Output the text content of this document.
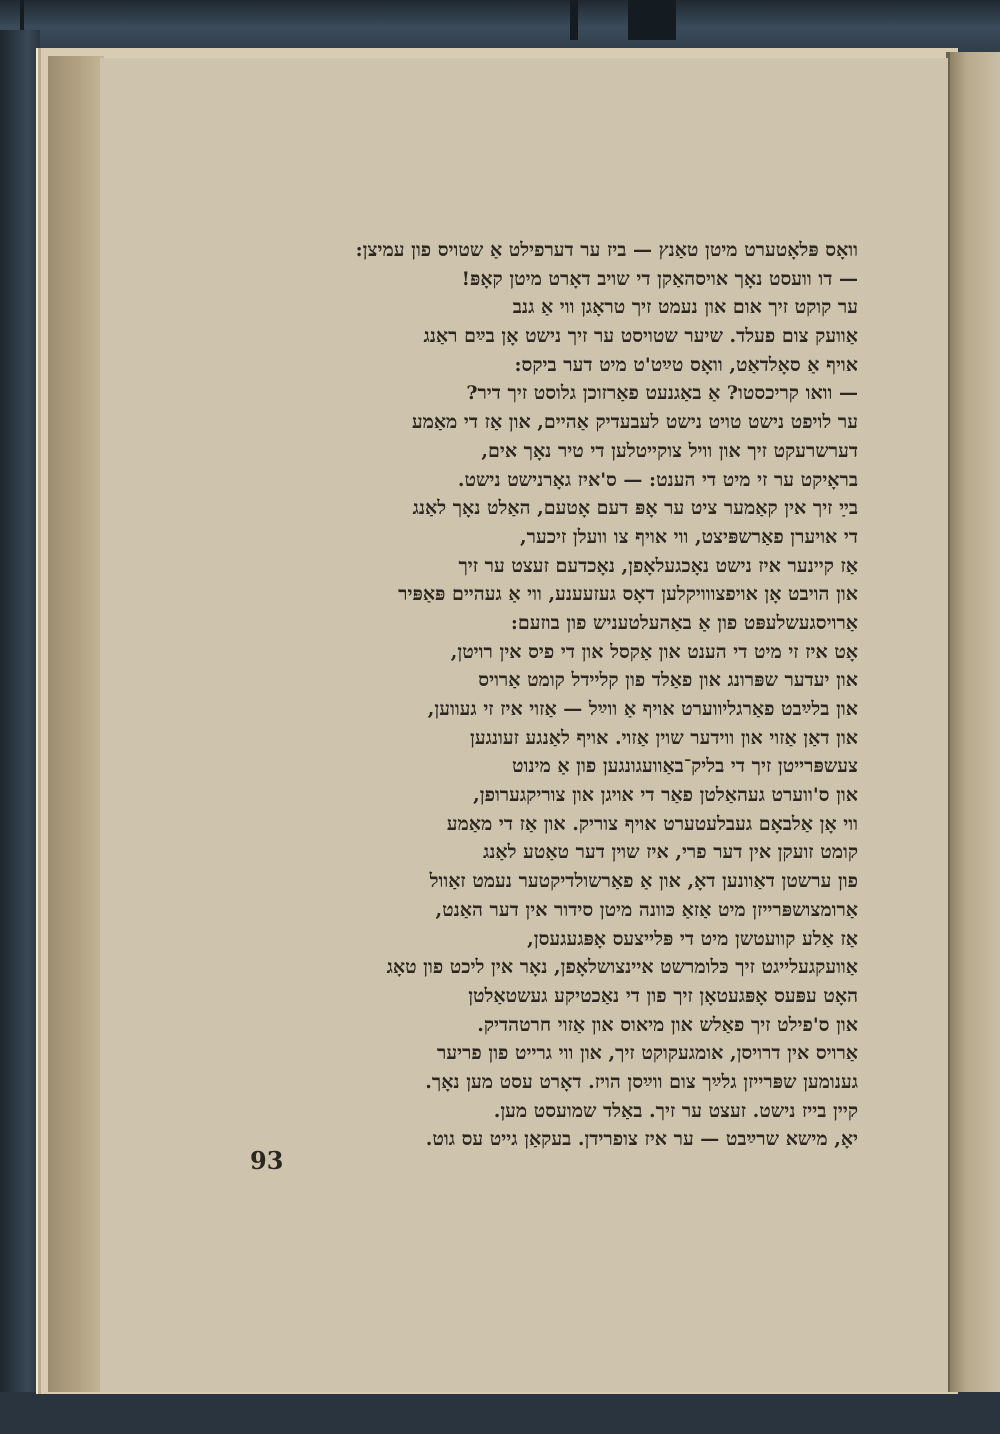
וואָס פּלאָטערט מיטן טאַנץ — ביז ער דערפילט אַ שטויס פון עמיצן:
— דו וועסט נאָך אויסהאַקן די שויב דאָרט מיטן קאָפּ!
ער קוקט זיך אום און נעמט זיך טראָגן ווי אַ גנב
אַוועק צום פעלד. שיער שטויסט ער זיך נישט אָן בײַם ראַנג
אויף אַ סאָלדאַט, וואָס טײַט'ט מיט דער ביקס:
— וואו קריכסטו? אַ באַגנעט פאַרזוכן גלוסט זיך דיר?
ער לויפט נישט טויט נישט לעבעדיק אַהיים, און אַז די מאַמע
דערשרעקט זיך און וויל צוקייטלען די טיר נאָך אים,
בראָיקט ער זי מיט די הענט: — ס'איז גאָרנישט נישט.
בײַ זיך אין קאַמער ציט ער אָפּ דעם אָטעם, האַלט נאָך לאַנג
די אויערן פאַרשפּיצט, ווי אויף צו וועלן זיכער,
אַז קיינער איז נישט נאָכגעלאָפן, נאָכדעם זעצט ער זיך
און הויבט אָן אויפצווויקלען דאָס געזעענע, ווי אַ געהיים פּאַפּיר
אַרויסגעשלעפּט פון אַ באַהעלטעניש פון בוזעם:
אָט איז זי מיט די הענט און אַקסל און די פיס אין רויטן,
און יעדער שפּרונג און פאַלד פון קליידל קומט אַרויס
און בלײַבט פאַרגליווערט אויף אַ ווײַל — אַזוי איז זי געווען,
און דאַן אַזוי און ווידער שוין אַזוי. אויף לאַנגע זעונגען
צעשפּרייטן זיך די בליק־באַוועגונגען פון אַ מינוט
און ס'ווערט געהאַלטן פאַר די אויגן און צוריקגערופן,
ווי אָן אַלבאָם געבלעטערט אויף צוריק. און אַז די מאַמע
קומט זועקן אין דער פרי, איז שוין דער טאַטע לאַנג
פון ערשטן דאַוונען דאָ, און אַ פאַרשולדיקטער נעמט זאַוול
אַרומצושפּרייזן מיט אַזאַ כּוונה מיטן סידור אין דער האַנט,
אַז אַלע קוועטשן מיט די פּלייצעס אָפּגעגעסן,
אַוועקגעלייגט זיך כּלומרשט איינצושלאָפן, נאָר אין ליכט פון טאָג
האָט עפּעס אָפּגעטאָן זיך פון די נאַכטיקע געשטאַלטן
און ס'פילט זיך פאַלש און מיאוס און אַזוי חרטהדיק.
אַרויס אין דרויסן, אומגעקוקט זיך, און ווי גרייט פון פריער
גענומען שפּרייזן גלײַך צום ווײַסן הויז. דאָרט עסט מען נאָך.
קיין בייז נישט. זעצט ער זיך. באַלד שמועסט מען.
יאָ, מישא שרײַבט — ער איז צופרידן. בעקאַן גייט עס גוט.
93
